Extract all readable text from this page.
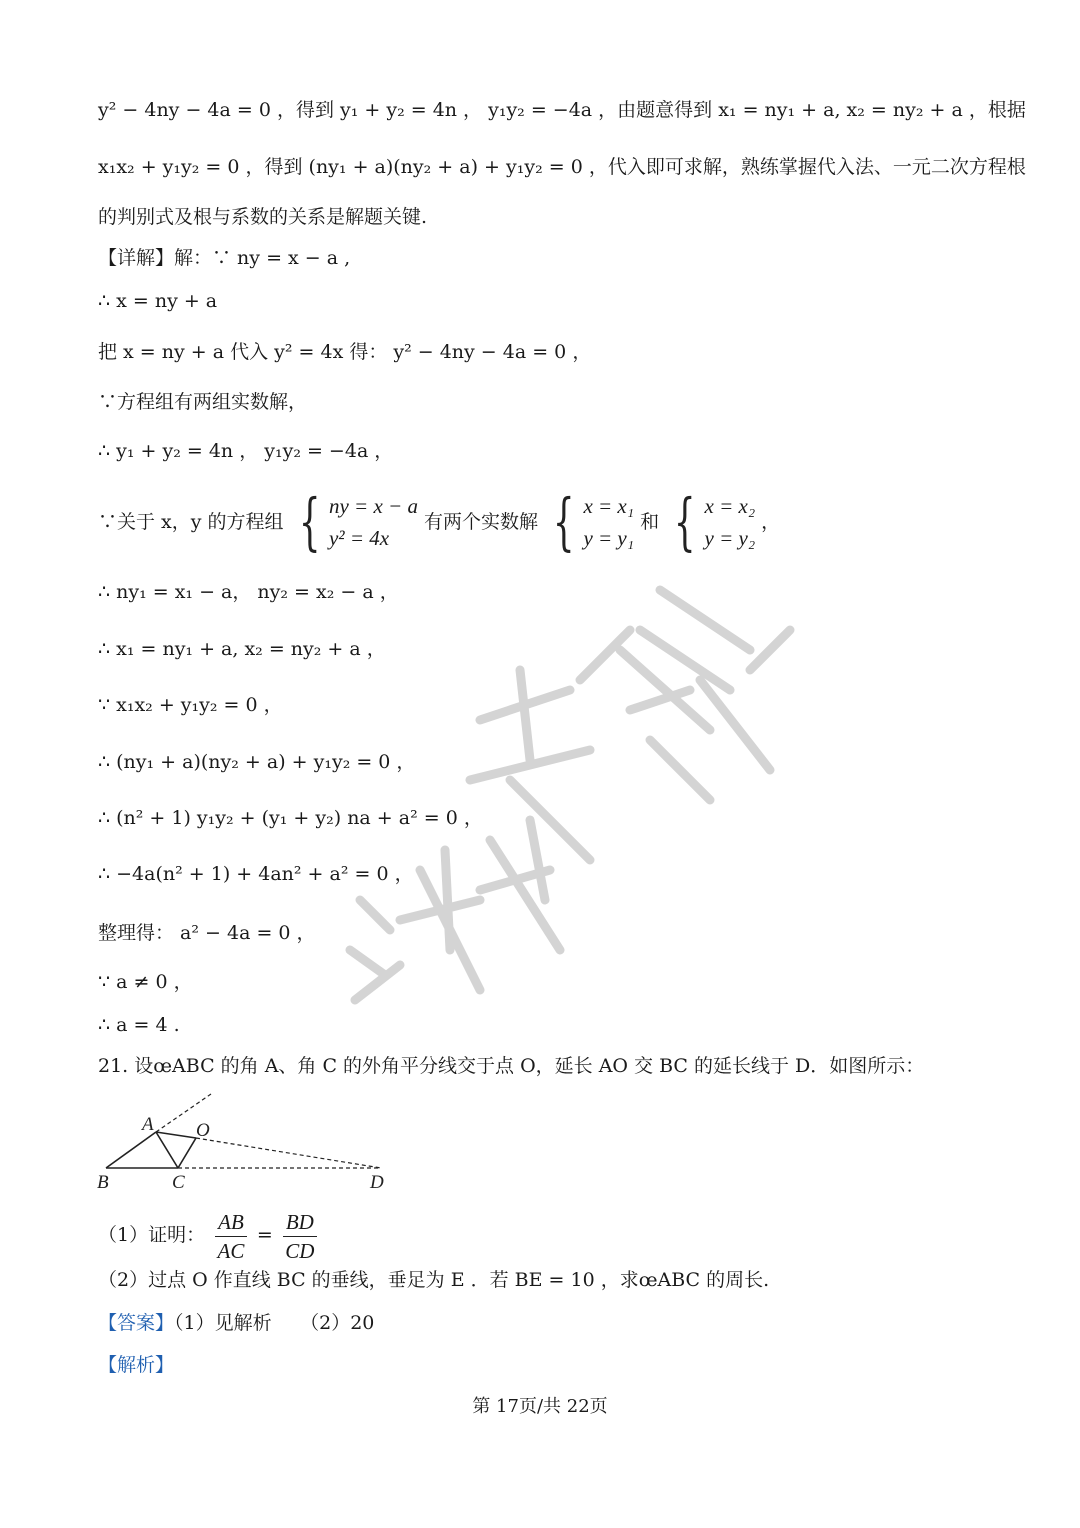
y² − 4ny − 4a = 0 ，得到 y₁ + y₂ = 4n ， y₁y₂ = −4a ，由题意得到 x₁ = ny₁ + a, x₂ = ny₂ + a ，根据
x₁x₂ + y₁y₂ = 0 ，得到 (ny₁ + a)(ny₂ + a) + y₁y₂ = 0 ，代入即可求解，熟练掌握代入法、一元二次方程根
的判别式及根与系数的关系是解题关键.
【详解】解：∵ ny = x − a ,
∴ x = ny + a
把 x = ny + a 代入 y² = 4x 得： y² − 4ny − 4a = 0 ，
∵方程组有两组实数解，
∴ y₁ + y₂ = 4n ， y₁y₂ = −4a ，
∵关于 x，y 的方程组 { ny = x − a
y² = 4x
有两个实数解 { x = x₁
y = y₁
和 { x = x₂
y = y₂
，
∴ ny₁ = x₁ − a， ny₂ = x₂ − a ，
∴ x₁ = ny₁ + a, x₂ = ny₂ + a ，
∵ x₁x₂ + y₁y₂ = 0 ，
∴ (ny₁ + a)(ny₂ + a) + y₁y₂ = 0 ，
∴ (n² + 1) y₁y₂ + (y₁ + y₂) na + a² = 0 ，
∴ −4a(n² + 1) + 4an² + a² = 0 ，
整理得： a² − 4a = 0 ，
∵ a ≠ 0 ，
∴ a = 4 .
21. 设œABC 的角 A、角 C 的外角平分线交于点 O，延长 AO 交 BC 的延长线于 D．如图所示：
A O
B	C	D
（1）证明： $\frac{AB}{AC} = \frac{BD}{CD}$
（2）过点 O 作直线 BC 的垂线，垂足为 E ．若 BE = 10 ，求œABC 的周长.
【答案】（1）见解析　　（2）20
【解析】
第 17页/共 22页
